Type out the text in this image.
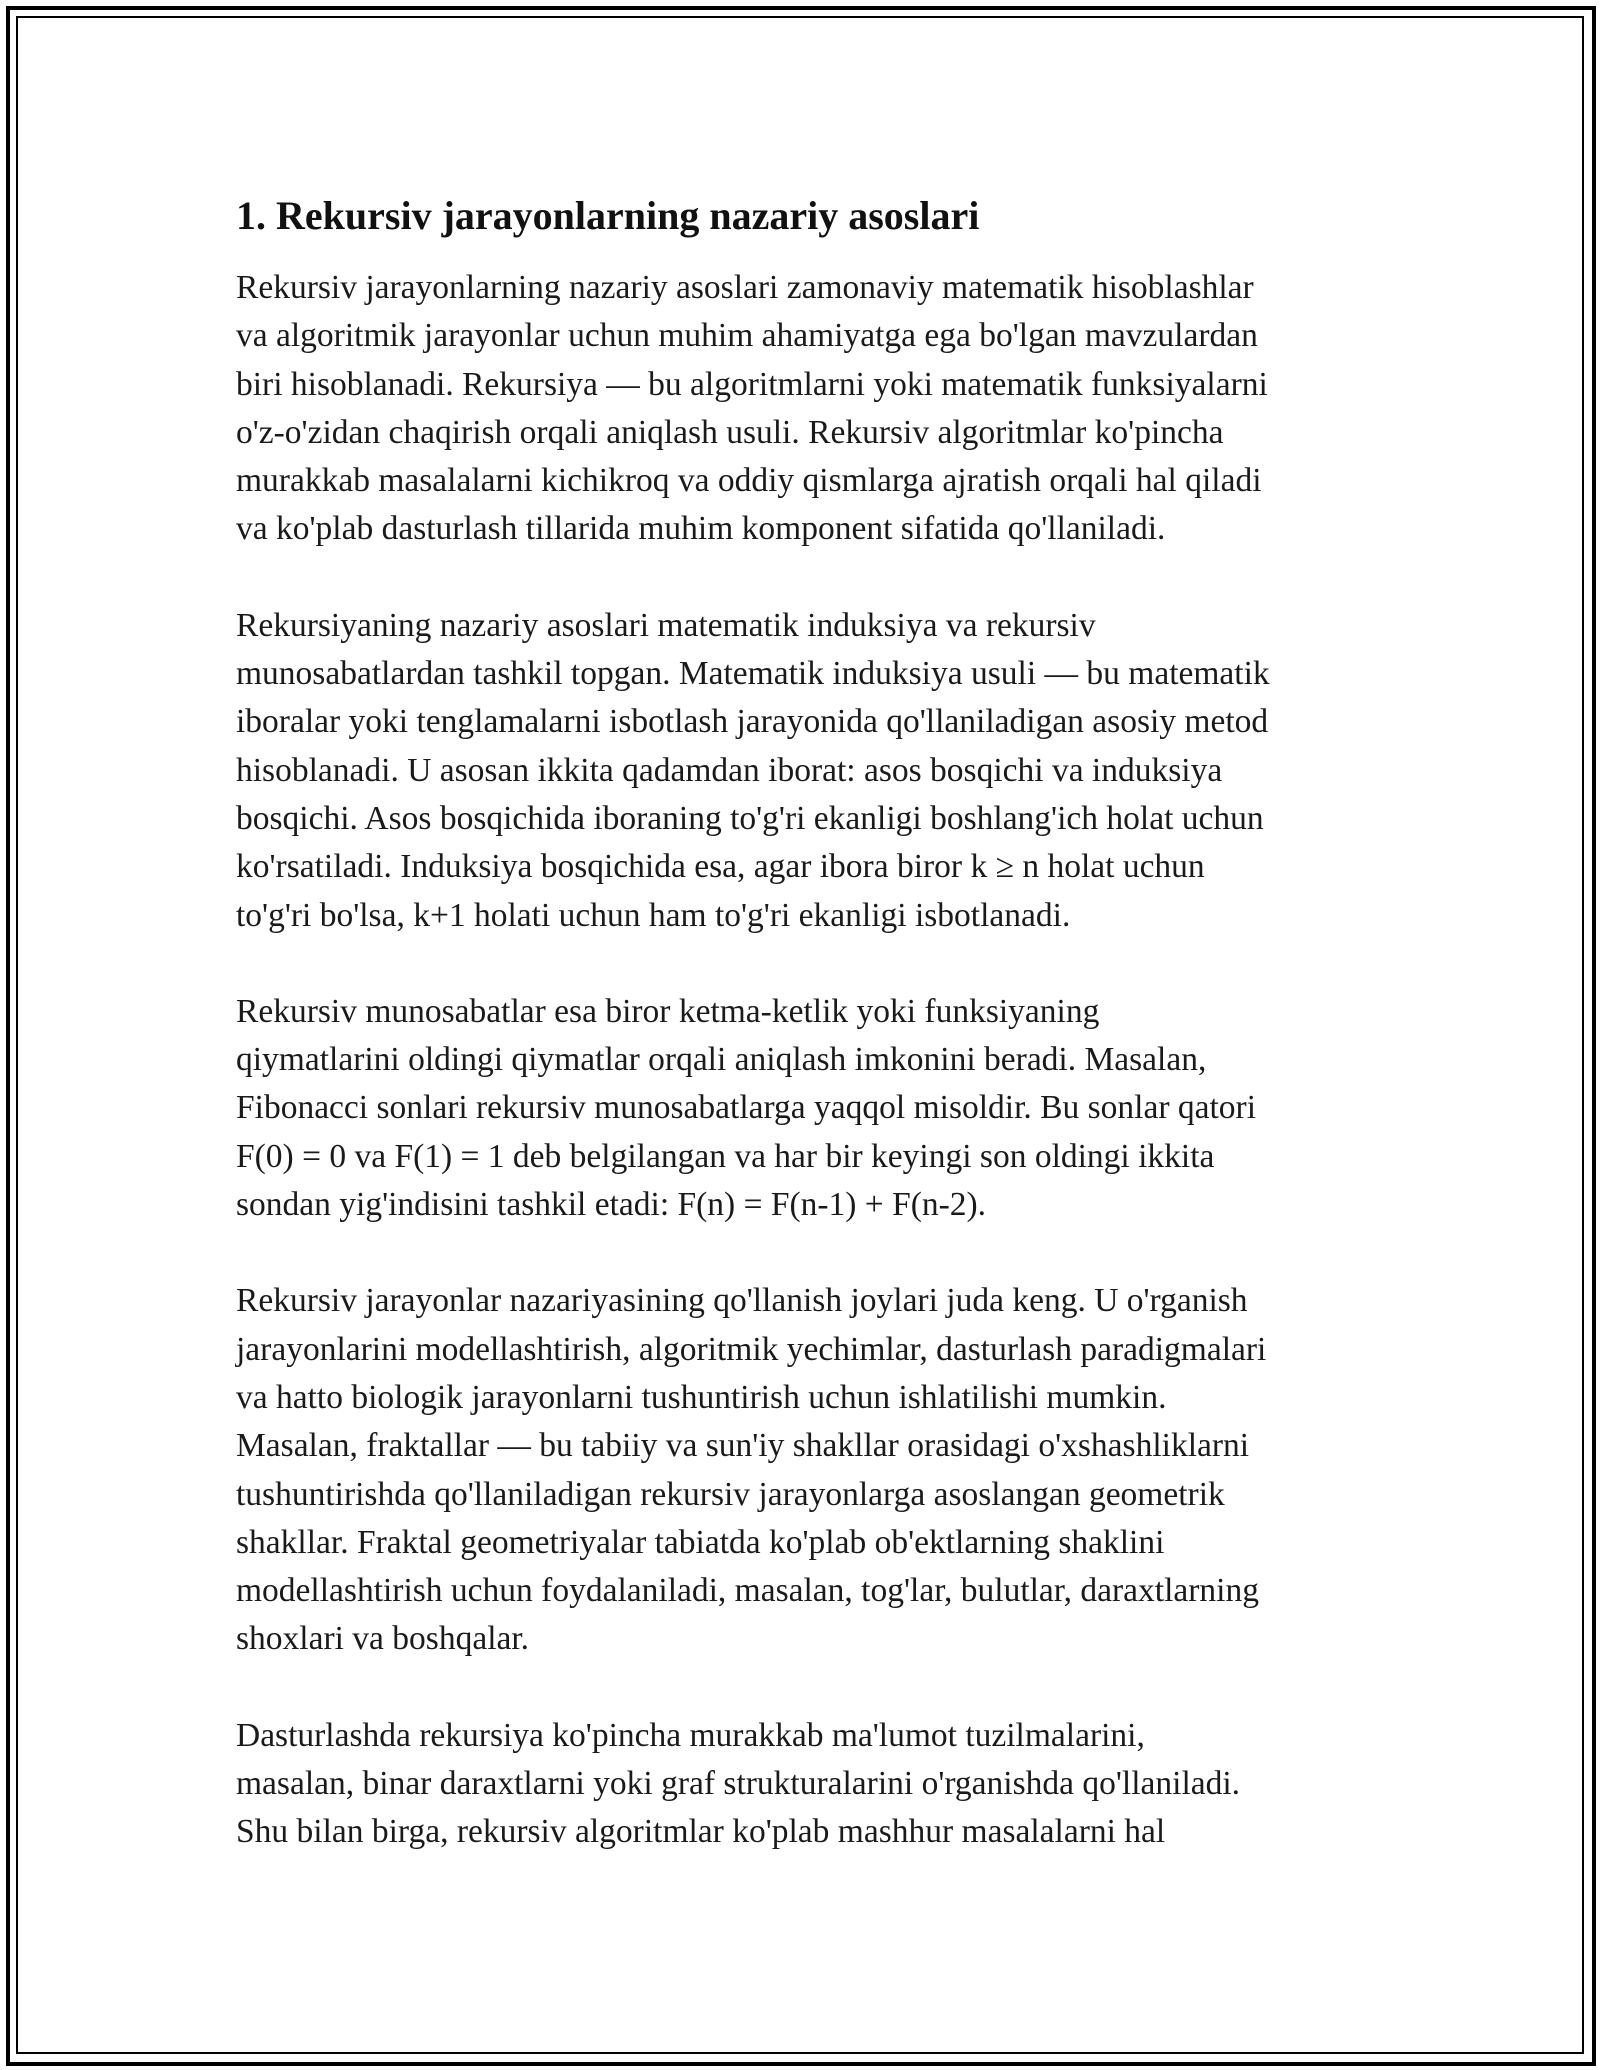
1. Rekursiv jarayonlarning nazariy asoslari

Rekursiv jarayonlarning nazariy asoslari zamonaviy matematik hisoblashlar
va algoritmik jarayonlar uchun muhim ahamiyatga ega bo'lgan mavzulardan
biri hisoblanadi. Rekursiya — bu algoritmlarni yoki matematik funksiyalarni
o'z-o'zidan chaqirish orqali aniqlash usuli. Rekursiv algoritmlar ko'pincha
murakkab masalalarni kichikroq va oddiy qismlarga ajratish orqali hal qiladi
va ko'plab dasturlash tillarida muhim komponent sifatida qo'llaniladi.

Rekursiyaning nazariy asoslari matematik induksiya va rekursiv
munosabatlardan tashkil topgan. Matematik induksiya usuli — bu matematik
iboralar yoki tenglamalarni isbotlash jarayonida qo'llaniladigan asosiy metod
hisoblanadi. U asosan ikkita qadamdan iborat: asos bosqichi va induksiya
bosqichi. Asos bosqichida iboraning to'g'ri ekanligi boshlang'ich holat uchun
ko'rsatiladi. Induksiya bosqichida esa, agar ibora biror k ≥ n holat uchun
to'g'ri bo'lsa, k+1 holati uchun ham to'g'ri ekanligi isbotlanadi.

Rekursiv munosabatlar esa biror ketma-ketlik yoki funksiyaning
qiymatlarini oldingi qiymatlar orqali aniqlash imkonini beradi. Masalan,
Fibonacci sonlari rekursiv munosabatlarga yaqqol misoldir. Bu sonlar qatori
F(0) = 0 va F(1) = 1 deb belgilangan va har bir keyingi son oldingi ikkita
sondan yig'indisini tashkil etadi: F(n) = F(n-1) + F(n-2).

Rekursiv jarayonlar nazariyasining qo'llanish joylari juda keng. U o'rganish
jarayonlarini modellashtirish, algoritmik yechimlar, dasturlash paradigmalari
va hatto biologik jarayonlarni tushuntirish uchun ishlatilishi mumkin.
Masalan, fraktallar — bu tabiiy va sun'iy shakllar orasidagi o'xshashliklarni
tushuntirishda qo'llaniladigan rekursiv jarayonlarga asoslangan geometrik
shakllar. Fraktal geometriyalar tabiatda ko'plab ob'ektlarning shaklini
modellashtirish uchun foydalaniladi, masalan, tog'lar, bulutlar, daraxtlarning
shoxlari va boshqalar.

Dasturlashda rekursiya ko'pincha murakkab ma'lumot tuzilmalarini,
masalan, binar daraxtlarni yoki graf strukturalarini o'rganishda qo'llaniladi.
Shu bilan birga, rekursiv algoritmlar ko'plab mashhur masalalarni hal
